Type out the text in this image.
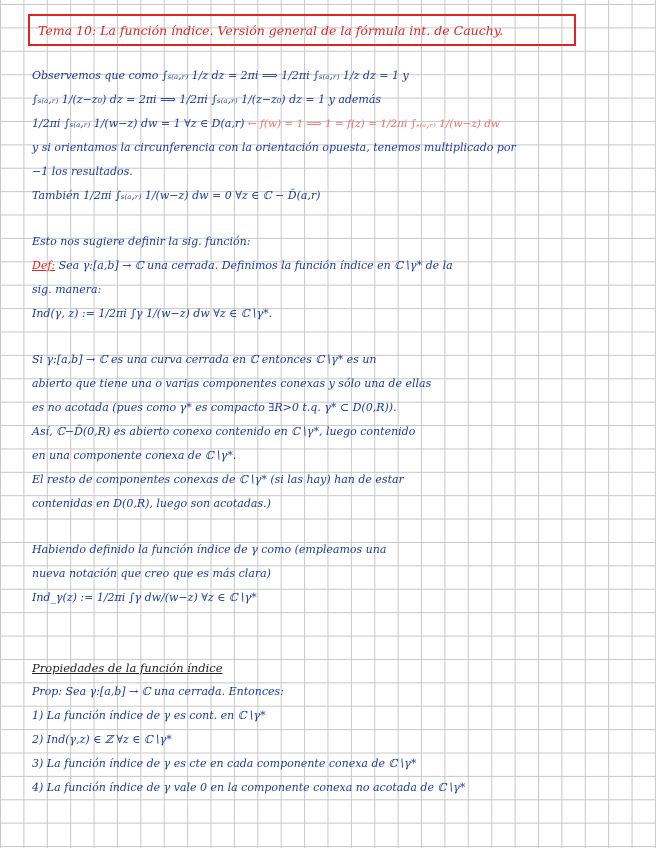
Tema 10: La función índice. Versión general de la fórmula int. de Cauchy.
Observemos que como ∫ₛ₍ₐ,ᵣ₎ 1/z dz = 2πi ⟹ 1/2πi ∫ₛ₍ₐ,ᵣ₎ 1/z dz = 1 y
∫ₛ₍ₐ,ᵣ₎ 1/(z−z₀) dz = 2πi ⟹ 1/2πi ∫ₛ₍ₐ,ᵣ₎ 1/(z−z₀) dz = 1 y además
1/2πi ∫ₛ₍ₐ,ᵣ₎ 1/(w−z) dw = 1 ∀z ∈ D(a,r) ← f(w) = 1 ⟹ 1 = f(z) = 1/2πi ∫ₛ₍ₐ,ᵣ₎ 1/(w−z) dw
y si orientamos la circunferencia con la orientación opuesta, tenemos multiplicado por
−1 los resultados.
También 1/2πi ∫ₛ₍ₐ,ᵣ₎ 1/(w−z) dw = 0 ∀z ∈ ℂ − D̄(a,r)
Esto nos sugiere definir la sig. función:
Def: Sea γ:[a,b] → ℂ una cerrada. Definimos la función índice en ℂ∖γ* de la
sig. manera:
Ind(γ, z) := 1/2πi ∫γ 1/(w−z) dw ∀z ∈ ℂ∖γ*.
Si γ:[a,b] → ℂ es una curva cerrada en ℂ entonces ℂ∖γ* es un
abierto que tiene una o varias componentes conexas y sólo una de ellas
es no acotada (pues como γ* es compacto ∃R>0 t.q. γ* ⊂ D(0,R)).
Así, ℂ−D̄(0,R) es abierto conexo contenido en ℂ∖γ*, luego contenido
en una componente conexa de ℂ∖γ*.
El resto de componentes conexas de ℂ∖γ* (si las hay) han de estar
contenidas en D(0,R), luego son acotadas.)
Habiendo definido la función índice de γ como (empleamos una
nueva notación que creo que es más clara)
Ind_γ(z) := 1/2πi ∫γ dw/(w−z) ∀z ∈ ℂ∖γ*
Propiedades de la función índice
Prop: Sea γ:[a,b] → ℂ una cerrada. Entonces:
1) La función índice de γ es cont. en ℂ∖γ*
2) Ind(γ,z) ∈ ℤ ∀z ∈ ℂ∖γ*
3) La función índice de γ es cte en cada componente conexa de ℂ∖γ*
4) La función índice de γ vale 0 en la componente conexa no acotada de ℂ∖γ*
